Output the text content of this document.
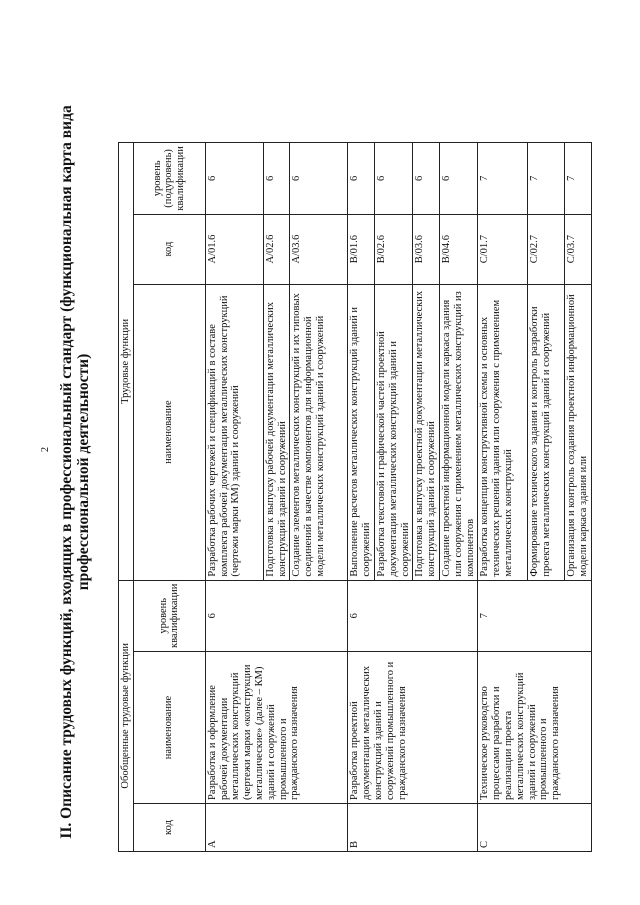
2 II. Описание трудовых функций, входящих в профессиональный стандарт (функциональная карта вида
профессиональной деятельности)

Обобщенные трудовые функции			Трудовые функции		
код	наименование	уровень квалификации	наименование	код	уровень (подуровень) квалификации
А	Разработка и оформление рабочей документации металлических конструкций (чертежи марки «конструкции металлические» (далее – КМ) зданий и сооружений промышленного и гражданского назначения	6	Разработка рабочих чертежей и спецификаций в составе комплекта рабочей документации металлических конструкций (чертежи марки КМ) зданий и сооружений	A/01.6	6
			Подготовка к выпуску рабочей документации металлических конструкций зданий и сооружений	A/02.6	6
			Создание элементов металлических конструкций и их типовых соединений в качестве компонентов для информационной модели металлических конструкций зданий и сооружений	A/03.6	6
В	Разработка проектной документации металлических конструкций зданий и сооружений промышленного и гражданского назначения	6	Выполнение расчетов металлических конструкций зданий и сооружений	B/01.6	6
			Разработка текстовой и графической частей проектной документации металлических конструкций зданий и сооружений	B/02.6	6
			Подготовка к выпуску проектной документации металлических конструкций зданий и сооружений	B/03.6	6
			Создание проектной информационной модели каркаса здания или сооружения с применением металлических конструкций из компонентов	B/04.6	6
С	Техническое руководство процессами разработки и реализации проекта металлических конструкций зданий и сооружений промышленного и гражданского назначения	7	Разработка концепции конструктивной схемы и основных технических решений здания или сооружения с применением металлических конструкций	C/01.7	7
			Формирование технического задания и контроль разработки проекта металлических конструкций зданий и сооружений	C/02.7	7
			Организация и контроль создания проектной информационной модели каркаса здания или	C/03.7	7
